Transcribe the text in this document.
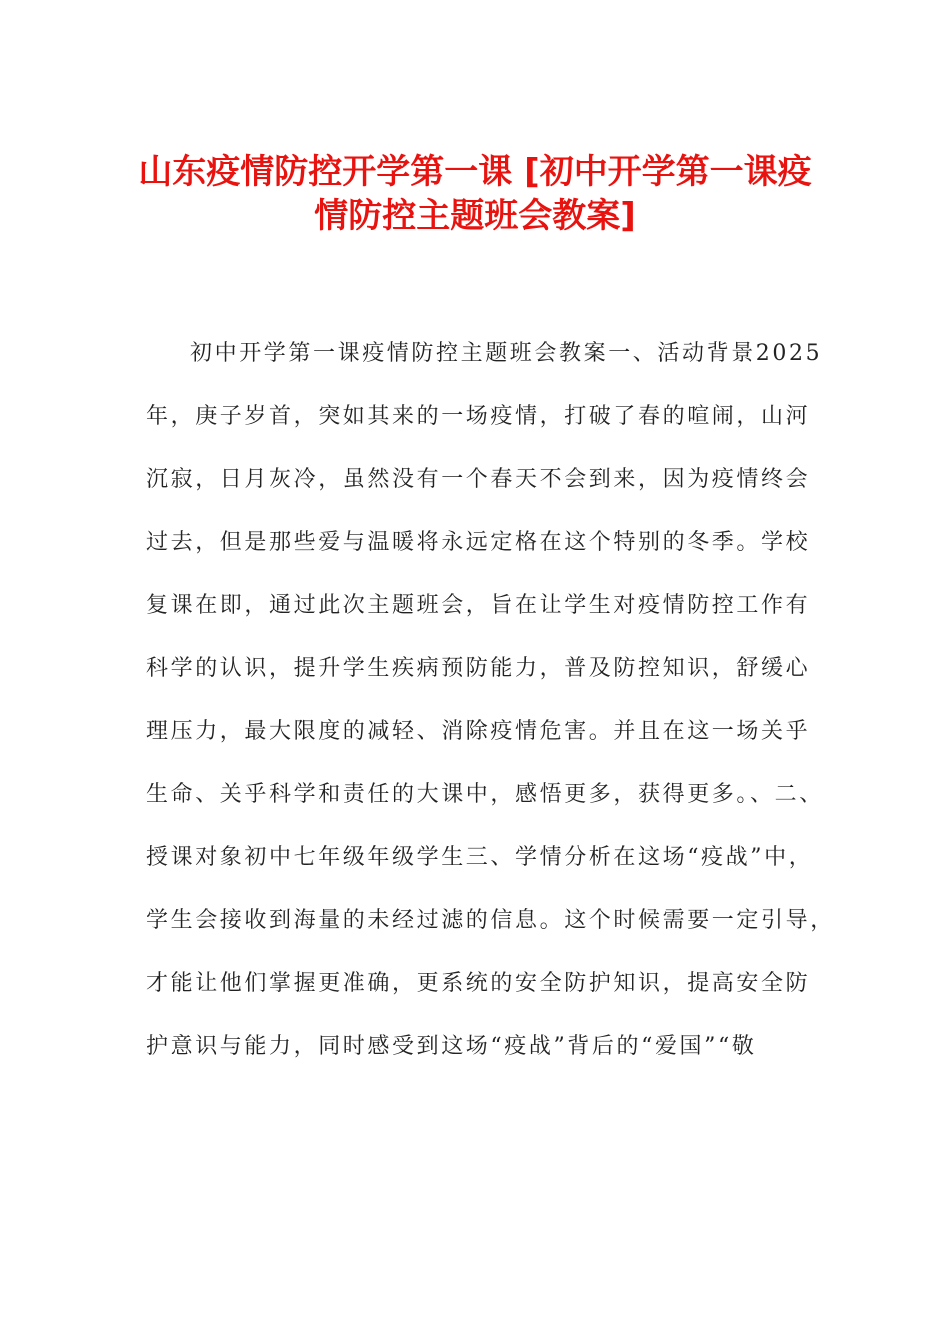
山东疫情防控开学第一课 [初中开学第一课疫
情防控主题班会教案]
初中开学第一课疫情防控主题班会教案一、活动背景2025
年，庚子岁首，突如其来的一场疫情，打破了春的喧闹，山河
沉寂，日月灰冷，虽然没有一个春天不会到来，因为疫情终会
过去，但是那些爱与温暖将永远定格在这个特别的冬季。学校
复课在即，通过此次主题班会，旨在让学生对疫情防控工作有
科学的认识，提升学生疾病预防能力，普及防控知识，舒缓心
理压力，最大限度的减轻、消除疫情危害。并且在这一场关乎
生命、关乎科学和责任的大课中，感悟更多，获得更多。、二、
授课对象初中七年级年级学生三、学情分析在这场“疫战”中，
学生会接收到海量的未经过滤的信息。这个时候需要一定引导，
才能让他们掌握更准确，更系统的安全防护知识，提高安全防
护意识与能力，同时感受到这场“疫战”背后的“爱国”“敬
